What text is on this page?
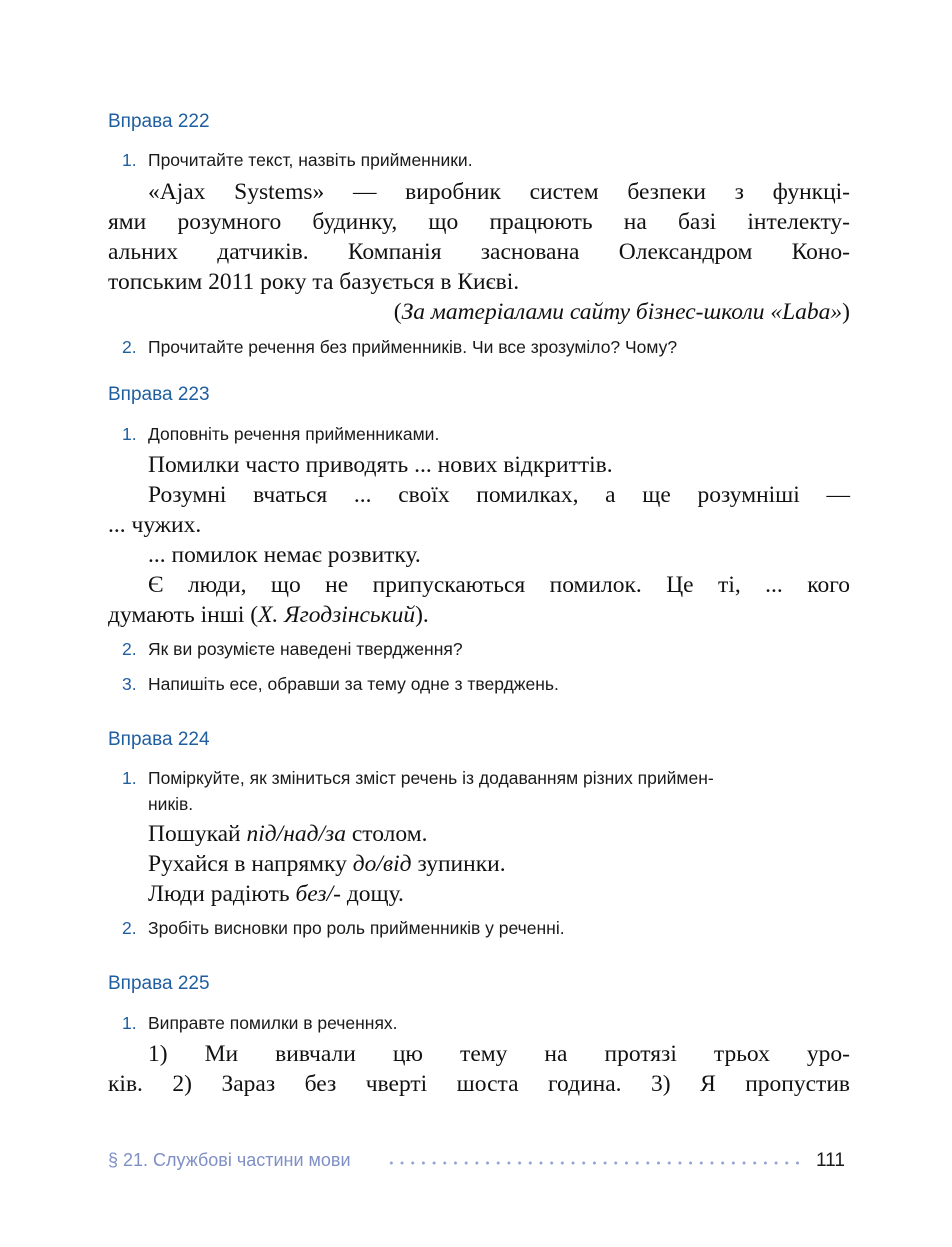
Вправа 222
1. Прочитайте текст, назвіть прийменники.
«Ajax Systems» — виробник систем безпеки з функці-
ями розумного будинку, що працюють на базі інтелекту-
альних датчиків. Компанія заснована Олександром Коно-
топським 2011 року та базується в Києві.
(За матеріалами сайту бізнес-школи «Laba»)
2. Прочитайте речення без прийменників. Чи все зрозуміло? Чому?
Вправа 223
1. Доповніть речення прийменниками.
Помилки часто приводять ... нових відкриттів.
Розумні вчаться ... своїх помилках, а ще розумніші —
... чужих.
... помилок немає розвитку.
Є люди, що не припускаються помилок. Це ті, ... кого
думають інші (Х. Ягодзінський).
2. Як ви розумієте наведені твердження?
3. Напишіть есе, обравши за тему одне з тверджень.
Вправа 224
1. Поміркуйте, як зміниться зміст речень із додаванням різних приймен-
ників.
Пошукай під/над/за столом.
Рухайся в напрямку до/від зупинки.
Люди радіють без/- дощу.
2. Зробіть висновки про роль прийменників у реченні.
Вправа 225
1. Виправте помилки в реченнях.
1) Ми вивчали цю тему на протязі трьох уро-
ків. 2) Зараз без чверті шоста година. 3) Я пропустив
§ 21. Службові частини мови	111
